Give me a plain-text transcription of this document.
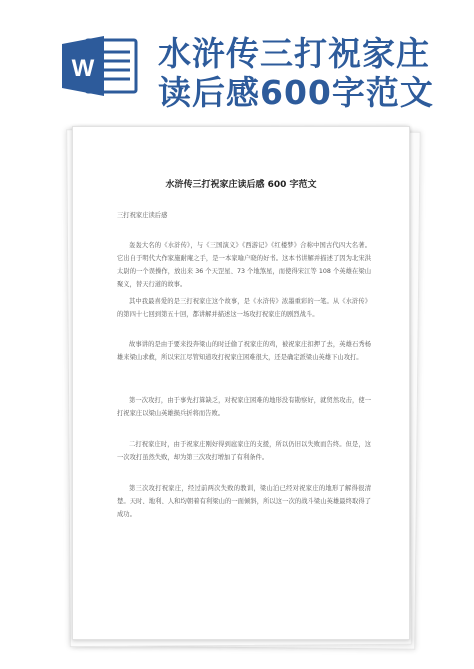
W 水浒传三打祝家庄
读后感600字范文
水浒传三打祝家庄读后感 600 字范文
三打祝家庄读后感
轰轰大名的《水浒传》，与《三国演义》《西游记》《红楼梦》合称中国古代四大名著。它出自于明代大作家施耐庵之手，是一本家喻户晓的好书。这本书讲解并描述了因为北宋洪太尉的一个误操作，放出来 36 个天罡星、73 个地煞星，而使得宋江等 108 个英雄在梁山聚义，替天行道的故事。
其中我最喜爱的是三打祝家庄这个故事，是《水浒传》浓墨重彩的一笔。从《水浒传》的第四十七回到第五十回，都讲解并描述这一场攻打祝家庄的剧烈战斗。
故事讲的是由于要来投奔梁山的时迁偷了祝家庄的鸡，被祝家庄扣押了去，英雄石秀杨雄来梁山求救，所以宋江尽管知道攻打祝家庄困难很大，还是确定派梁山英雄下山攻打。
第一次攻打，由于事先打算缺乏，对祝家庄困难的地形没有勘察好，就贸然攻击，使一打祝家庄以梁山英雄损兵折将而告败。
二打祝家庄时，由于祝家庄刚好得到扈家庄的支援，所以仍旧以失败而告终。但是，这一次攻打虽然失败，却为第三次攻打增加了有利条件。
第三次攻打祝家庄，经过前两次失败的教训，梁山泊已经对祝家庄的地形了解得很清楚。天时、地利、人和均朝着有利梁山的一面倾斜，所以这一次的战斗梁山英雄最终取得了成功。
